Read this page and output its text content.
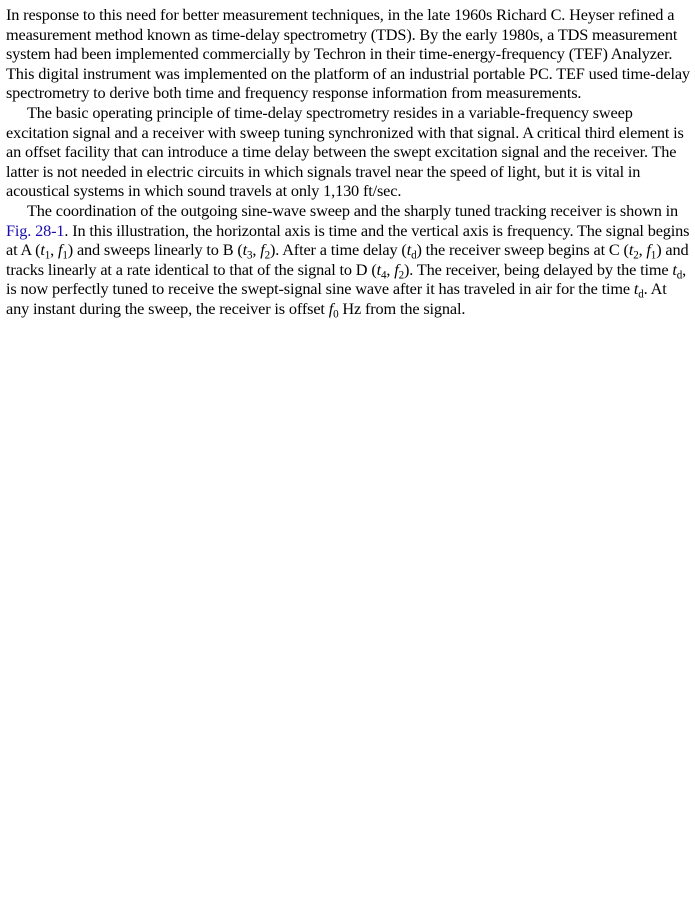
In response to this need for better measurement techniques, in the late 1960s Richard C. Heyser refined a measurement method known as time-delay spectrometry (TDS). By the early 1980s, a TDS measurement system had been implemented commercially by Techron in their time-energy-frequency (TEF) Analyzer. This digital instrument was implemented on the platform of an industrial portable PC. TEF used time-delay spectrometry to derive both time and frequency response information from measurements.

The basic operating principle of time-delay spectrometry resides in a variable-frequency sweep excitation signal and a receiver with sweep tuning synchronized with that signal. A critical third element is an offset facility that can introduce a time delay between the swept excitation signal and the receiver. The latter is not needed in electric circuits in which signals travel near the speed of light, but it is vital in acoustical systems in which sound travels at only 1,130 ft/sec.

The coordination of the outgoing sine-wave sweep and the sharply tuned tracking receiver is shown in Fig. 28-1. In this illustration, the horizontal axis is time and the vertical axis is frequency. The signal begins at A ($t_1$, $f_1$) and sweeps linearly to B ($t_3$, $f_2$). After a time delay $(t_d)$ the receiver sweep begins at C ($t_2$, $f_1$) and tracks linearly at a rate identical to that of the signal to D ($t_4$, $f_2$). The receiver, being delayed by the time $t_d$, is now perfectly tuned to receive the swept-signal sine wave after it has traveled in air for the time $t_d$. At any instant during the sweep, the receiver is offset $f_0$ Hz from the signal.
